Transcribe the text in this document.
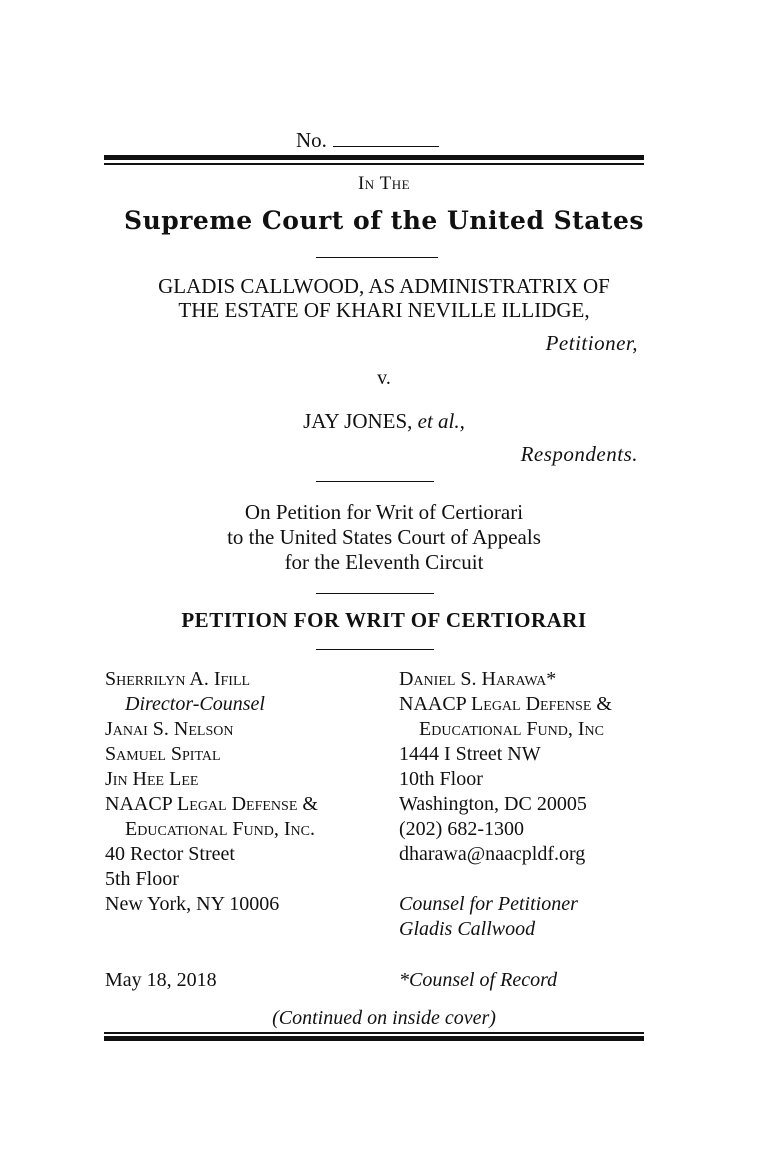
No.
In The
Supreme Court of the United States
GLADIS CALLWOOD, AS ADMINISTRATRIX OF
THE ESTATE OF KHARI NEVILLE ILLIDGE,
Petitioner,
v.
JAY JONES, et al.,
Respondents.
On Petition for Writ of Certiorari
to the United States Court of Appeals
for the Eleventh Circuit
PETITION FOR WRIT OF CERTIORARI
Sherrilyn A. Ifill
Director-Counsel
Janai S. Nelson
Samuel Spital
Jin Hee Lee
NAACP Legal Defense &
Educational Fund, Inc.
40 Rector Street
5th Floor
New York, NY 10006
Daniel S. Harawa*
NAACP Legal Defense &
Educational Fund, Inc
1444 I Street NW
10th Floor
Washington, DC 20005
(202) 682-1300
dharawa@naacpldf.org
Counsel for Petitioner
Gladis Callwood
May 18, 2018	*Counsel of Record
(Continued on inside cover)
